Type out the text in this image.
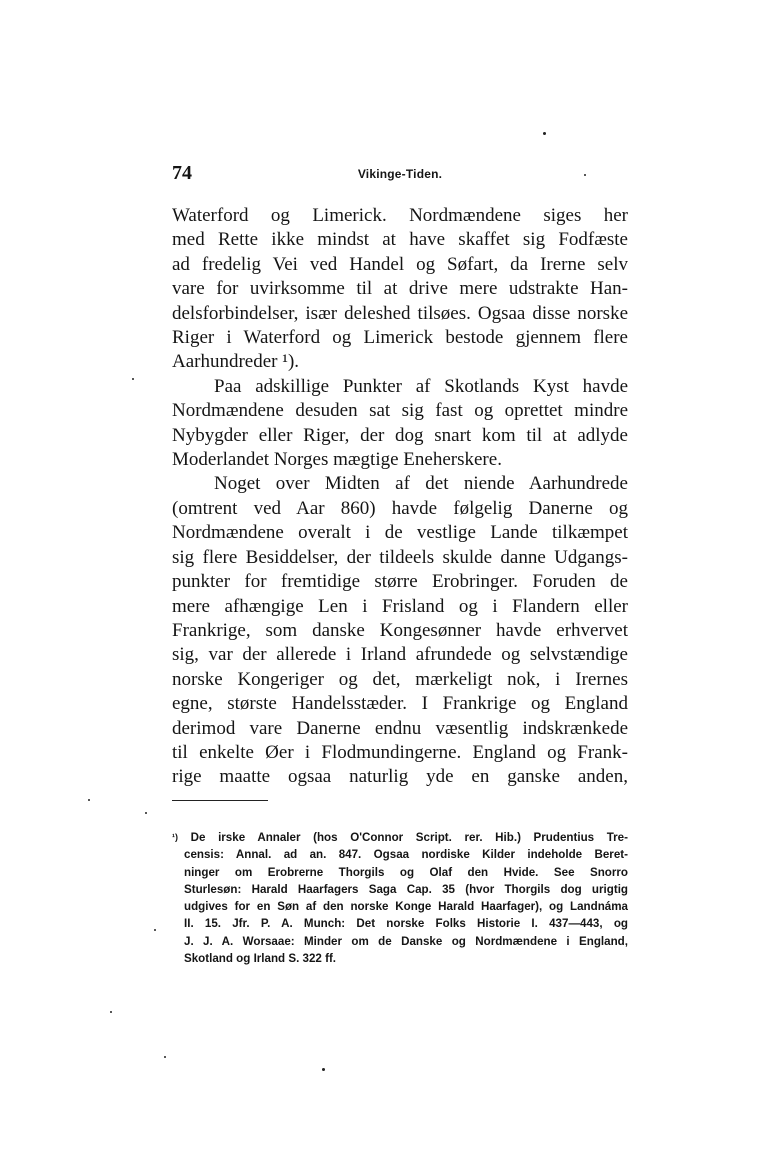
74	Vikinge-Tiden.
Waterford og Limerick. Nordmændene siges her
med Rette ikke mindst at have skaffet sig Fodfæste
ad fredelig Vei ved Handel og Søfart, da Irerne selv
vare for uvirksomme til at drive mere udstrakte Han-
delsforbindelser, især deleshed tilsøes. Ogsaa disse norske
Riger i Waterford og Limerick bestode gjennem flere
Aarhundreder ¹).
Paa adskillige Punkter af Skotlands Kyst havde
Nordmændene desuden sat sig fast og oprettet mindre
Nybygder eller Riger, der dog snart kom til at adlyde
Moderlandet Norges mægtige Eneherskere.
Noget over Midten af det niende Aarhundrede
(omtrent ved Aar 860) havde følgelig Danerne og
Nordmændene overalt i de vestlige Lande tilkæmpet
sig flere Besiddelser, der tildeels skulde danne Udgangs-
punkter for fremtidige større Erobringer. Foruden de
mere afhængige Len i Frisland og i Flandern eller
Frankrige, som danske Kongesønner havde erhvervet
sig, var der allerede i Irland afrundede og selvstændige
norske Kongeriger og det, mærkeligt nok, i Irernes
egne, største Handelsstæder. I Frankrige og England
derimod vare Danerne endnu væsentlig indskrænkede
til enkelte Øer i Flodmundingerne. England og Frank-
rige maatte ogsaa naturlig yde en ganske anden,
$^{^1)}$ De irske Annaler (hos O'Connor Script. rer. Hib.) Prudentius Tre-
censis: Annal. ad an. 847. Ogsaa nordiske Kilder indeholde Beret-
ninger om Erobrerne Thorgils og Olaf den Hvide. See Snorro
Sturlesøn: Harald Haarfagers Saga Cap. 35 (hvor Thorgils dog urigtig
udgives for en Søn af den norske Konge Harald Haarfager), og Landnáma
II. 15. Jfr. P. A. Munch: Det norske Folks Historie I. 437—443, og
J. J. A. Worsaae: Minder om de Danske og Nordmændene i England,
Skotland og Irland S. 322 ff.
